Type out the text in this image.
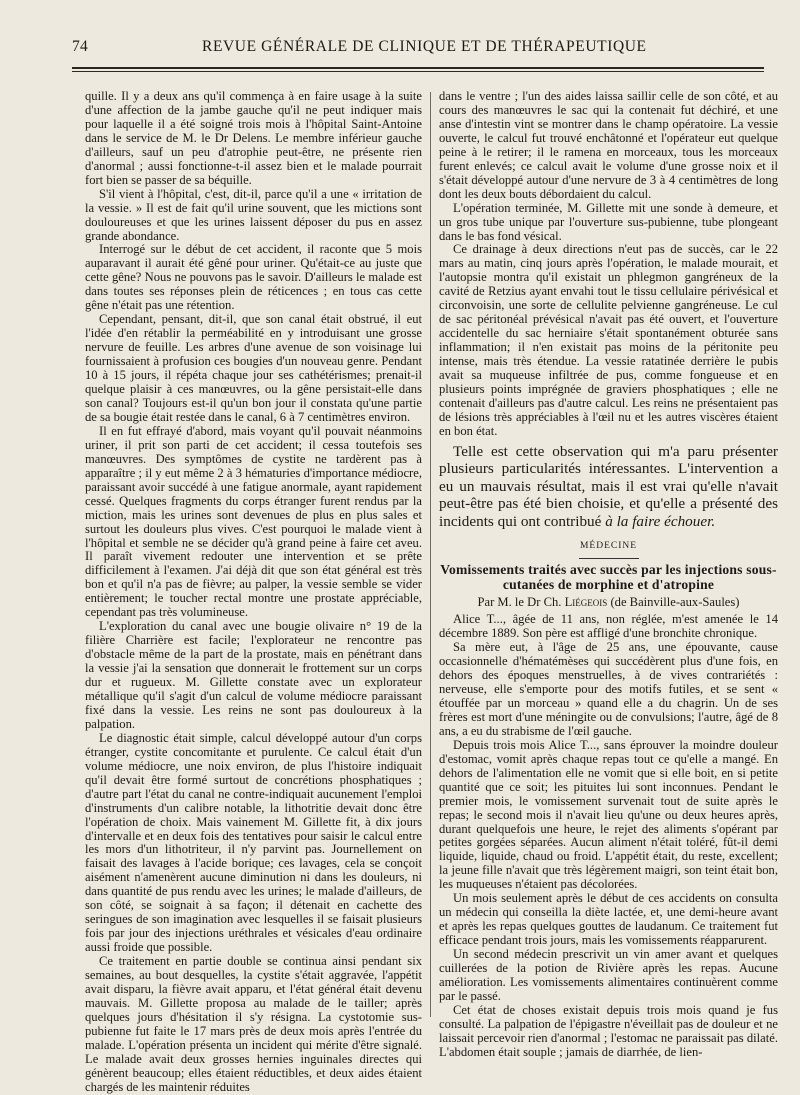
74	REVUE GÉNÉRALE DE CLINIQUE ET DE THÉRAPEUTIQUE

quille. Il y a deux ans qu'il commença à en faire usage à la suite d'une affection de la jambe gauche qu'il ne peut indiquer mais pour laquelle il a été soigné trois mois à l'hôpital Saint-Antoine dans le service de M. le Dr Delens. Le membre inférieur gauche d'ailleurs, sauf un peu d'atrophie peut-être, ne présente rien d'anormal ; aussi fonctionne-t-il assez bien et le malade pourrait fort bien se passer de sa béquille.

S'il vient à l'hôpital, c'est, dit-il, parce qu'il a une « irritation de la vessie. » Il est de fait qu'il urine souvent, que les mictions sont douloureuses et que les urines laissent déposer du pus en assez grande abondance.

Interrogé sur le début de cet accident, il raconte que 5 mois auparavant il aurait été gêné pour uriner. Qu'était-ce au juste que cette gêne? Nous ne pouvons pas le savoir. D'ailleurs le malade est dans toutes ses réponses plein de réticences ; en tous cas cette gêne n'était pas une rétention.

Cependant, pensant, dit-il, que son canal était obstrué, il eut l'idée d'en rétablir la perméabilité en y introduisant une grosse nervure de feuille. Les arbres d'une avenue de son voisinage lui fournissaient à profusion ces bougies d'un nouveau genre. Pendant 10 à 15 jours, il répéta chaque jour ses cathétérismes; prenait-il quelque plaisir à ces manœuvres, ou la gêne persistait-elle dans son canal? Toujours est-il qu'un bon jour il constata qu'une partie de sa bougie était restée dans le canal, 6 à 7 centimètres environ.

Il en fut effrayé d'abord, mais voyant qu'il pouvait néanmoins uriner, il prit son parti de cet accident; il cessa toutefois ses manœuvres. Des symptômes de cystite ne tardèrent pas à apparaître ; il y eut même 2 à 3 hématuries d'importance médiocre, paraissant avoir succédé à une fatigue anormale, ayant rapidement cessé. Quelques fragments du corps étranger furent rendus par la miction, mais les urines sont devenues de plus en plus sales et surtout les douleurs plus vives. C'est pourquoi le malade vient à l'hôpital et semble ne se décider qu'à grand peine à faire cet aveu. Il paraît vivement redouter une intervention et se prête difficilement à l'examen. J'ai déjà dit que son état général est très bon et qu'il n'a pas de fièvre; au palper, la vessie semble se vider entièrement; le toucher rectal montre une prostate appréciable, cependant pas très volumineuse.

L'exploration du canal avec une bougie olivaire n° 19 de la filière Charrière est facile; l'explorateur ne rencontre pas d'obstacle même de la part de la prostate, mais en pénétrant dans la vessie j'ai la sensation que donnerait le frottement sur un corps dur et rugueux. M. Gillette constate avec un explorateur métallique qu'il s'agit d'un calcul de volume médiocre paraissant fixé dans la vessie. Les reins ne sont pas douloureux à la palpation.

Le diagnostic était simple, calcul développé autour d'un corps étranger, cystite concomitante et purulente. Ce calcul était d'un volume médiocre, une noix environ, de plus l'histoire indiquait qu'il devait être formé surtout de concrétions phosphatiques ; d'autre part l'état du canal ne contre-indiquait aucunement l'emploi d'instruments d'un calibre notable, la lithotritie devait donc être l'opération de choix. Mais vainement M. Gillette fit, à dix jours d'intervalle et en deux fois des tentatives pour saisir le calcul entre les mors d'un lithotriteur, il n'y parvint pas. Journellement on faisait des lavages à l'acide borique; ces lavages, cela se conçoit aisément n'amenèrent aucune diminution ni dans les douleurs, ni dans quantité de pus rendu avec les urines; le malade d'ailleurs, de son côté, se soignait à sa façon; il détenait en cachette des seringues de son imagination avec lesquelles il se faisait plusieurs fois par jour des injections uréthrales et vésicales d'eau ordinaire aussi froide que possible.

Ce traitement en partie double se continua ainsi pendant six semaines, au bout desquelles, la cystite s'était aggravée, l'appétit avait disparu, la fièvre avait apparu, et l'état général était devenu mauvais. M. Gillette proposa au malade de le tailler; après quelques jours d'hésitation il s'y résigna. La cystotomie sus-pubienne fut faite le 17 mars près de deux mois après l'entrée du malade. L'opération présenta un incident qui mérite d'être signalé. Le malade avait deux grosses hernies inguinales directes qui génèrent beaucoup; elles étaient réductibles, et deux aides étaient chargés de les maintenir réduites

dans le ventre ; l'un des aides laissa saillir celle de son côté, et au cours des manœuvres le sac qui la contenait fut déchiré, et une anse d'intestin vint se montrer dans le champ opératoire. La vessie ouverte, le calcul fut trouvé enchâtonné et l'opérateur eut quelque peine à le retirer; il le ramena en morceaux, tous les morceaux furent enlevés; ce calcul avait le volume d'une grosse noix et il s'était développé autour d'une nervure de 3 à 4 centimètres de long dont les deux bouts débordaient du calcul.

L'opération terminée, M. Gillette mit une sonde à demeure, et un gros tube unique par l'ouverture sus-pubienne, tube plongeant dans le bas fond vésical.

Ce drainage à deux directions n'eut pas de succès, car le 22 mars au matin, cinq jours après l'opération, le malade mourait, et l'autopsie montra qu'il existait un phlegmon gangréneux de la cavité de Retzius ayant envahi tout le tissu cellulaire périvésical et circonvoisin, une sorte de cellulite pelvienne gangréneuse. Le cul de sac péritonéal prévésical n'avait pas été ouvert, et l'ouverture accidentelle du sac herniaire s'était spontanément obturée sans inflammation; il n'en existait pas moins de la péritonite peu intense, mais très étendue. La vessie ratatinée derrière le pubis avait sa muqueuse infiltrée de pus, comme fongueuse et en plusieurs points imprégnée de graviers phosphatiques ; elle ne contenait d'ailleurs pas d'autre calcul. Les reins ne présentaient pas de lésions très appréciables à l'œil nu et les autres viscères étaient en bon état.

Telle est cette observation qui m'a paru présenter plusieurs particularités intéressantes. L'intervention a eu un mauvais résultat, mais il est vrai qu'elle n'avait peut-être pas été bien choisie, et qu'elle a présenté des incidents qui ont contribué à la faire échouer.

MÉDECINE
Vomissements traités avec succès par les injections sous-cutanées de morphine et d'atropine
Par M. le Dr Ch. Liégeois (de Bainville-aux-Saules)

Alice T..., âgée de 11 ans, non réglée, m'est amenée le 14 décembre 1889. Son père est affligé d'une bronchite chronique.

Sa mère eut, à l'âge de 25 ans, une épouvante, cause occasionnelle d'hématémèses qui succédèrent plus d'une fois, en dehors des époques menstruelles, à de vives contrariétés : nerveuse, elle s'emporte pour des motifs futiles, et se sent « étouffée par un morceau » quand elle a du chagrin. Un de ses frères est mort d'une méningite ou de convulsions; l'autre, âgé de 8 ans, a eu du strabisme de l'œil gauche.

Depuis trois mois Alice T..., sans éprouver la moindre douleur d'estomac, vomit après chaque repas tout ce qu'elle a mangé. En dehors de l'alimentation elle ne vomit que si elle boit, en si petite quantité que ce soit; les pituites lui sont inconnues. Pendant le premier mois, le vomissement survenait tout de suite après le repas; le second mois il n'avait lieu qu'une ou deux heures après, durant quelquefois une heure, le rejet des aliments s'opérant par petites gorgées séparées. Aucun aliment n'était toléré, fût-il demi liquide, liquide, chaud ou froid. L'appétit était, du reste, excellent; la jeune fille n'avait que très légèrement maigri, son teint était bon, les muqueuses n'étaient pas décolorées.

Un mois seulement après le début de ces accidents on consulta un médecin qui conseilla la diète lactée, et, une demi-heure avant et après les repas quelques gouttes de laudanum. Ce traitement fut efficace pendant trois jours, mais les vomissements réapparurent.

Un second médecin prescrivit un vin amer avant et quelques cuillerées de la potion de Rivière après les repas. Aucune amélioration. Les vomissements alimentaires continuèrent comme par le passé.

Cet état de choses existait depuis trois mois quand je fus consulté. La palpation de l'épigastre n'éveillait pas de douleur et ne laissait percevoir rien d'anormal ; l'estomac ne paraissait pas dilaté. L'abdomen était souple ; jamais de diarrhée, de lien-
